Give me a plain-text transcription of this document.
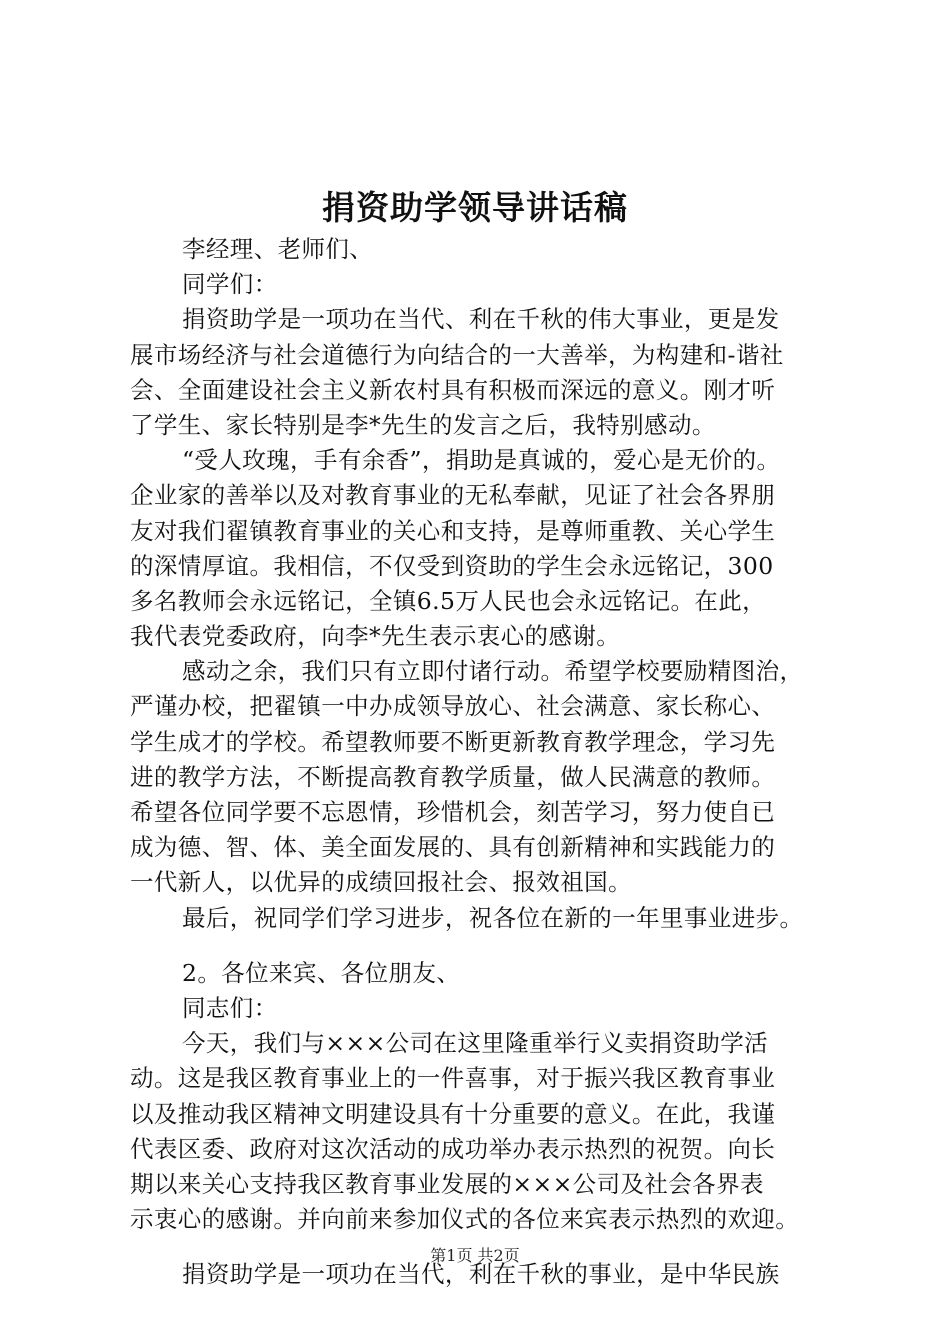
捐资助学领导讲话稿
李经理、老师们、
同学们：
捐资助学是一项功在当代、利在千秋的伟大事业，更是发
展市场经济与社会道德行为向结合的一大善举，为构建和-谐社
会、全面建设社会主义新农村具有积极而深远的意义。刚才听
了学生、家长特别是李*先生的发言之后，我特别感动。
“受人玫瑰，手有余香”，捐助是真诚的，爱心是无价的。
企业家的善举以及对教育事业的无私奉献，见证了社会各界朋
友对我们翟镇教育事业的关心和支持，是尊师重教、关心学生
的深情厚谊。我相信，不仅受到资助的学生会永远铭记，300
多名教师会永远铭记，全镇6.5万人民也会永远铭记。在此，
我代表党委政府，向李*先生表示衷心的感谢。
感动之余，我们只有立即付诸行动。希望学校要励精图治，
严谨办校，把翟镇一中办成领导放心、社会满意、家长称心、
学生成才的学校。希望教师要不断更新教育教学理念，学习先
进的教学方法，不断提高教育教学质量，做人民满意的教师。
希望各位同学要不忘恩情，珍惜机会，刻苦学习，努力使自已
成为德、智、体、美全面发展的、具有创新精神和实践能力的
一代新人，以优异的成绩回报社会、报效祖国。
最后，祝同学们学习进步，祝各位在新的一年里事业进步。
2。各位来宾、各位朋友、
同志们：
今天，我们与×××公司在这里隆重举行义卖捐资助学活
动。这是我区教育事业上的一件喜事，对于振兴我区教育事业
以及推动我区精神文明建设具有十分重要的意义。在此，我谨
代表区委、政府对这次活动的成功举办表示热烈的祝贺。向长
期以来关心支持我区教育事业发展的×××公司及社会各界表
示衷心的感谢。并向前来参加仪式的各位来宾表示热烈的欢迎。
捐资助学是一项功在当代，利在千秋的事业，是中华民族
第1页 共2页
